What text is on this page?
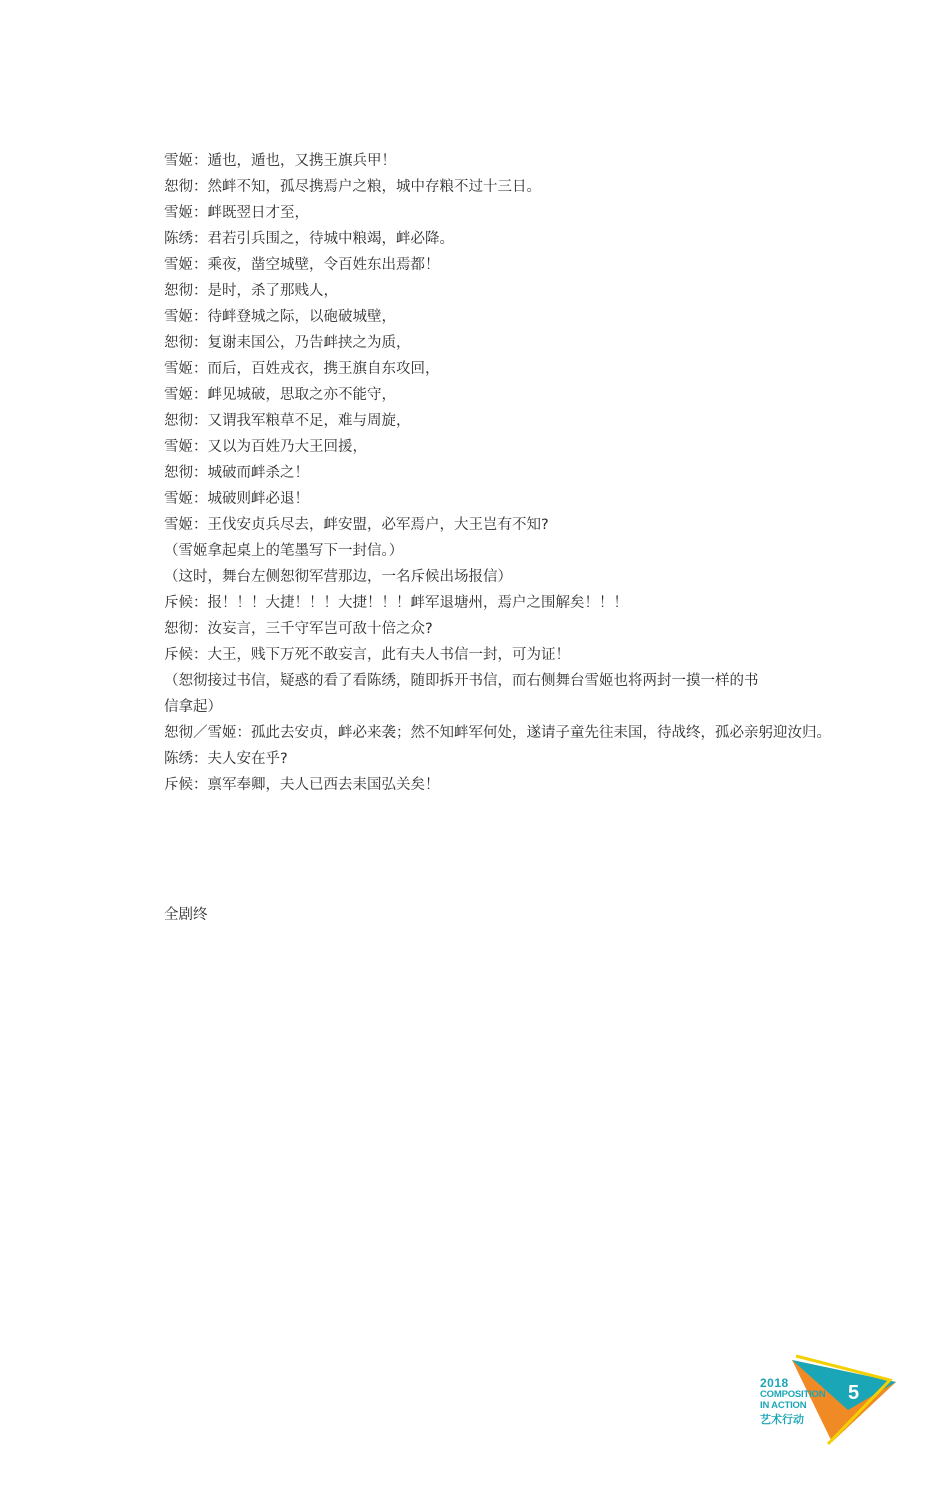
雪姬：遁也，遁也，又携王旗兵甲！
恕彻：然衅不知，孤尽携焉户之粮，城中存粮不过十三日。
雪姬：衅既翌日才至，
陈绣：君若引兵围之，待城中粮竭，衅必降。
雪姬：乘夜，凿空城壁，令百姓东出焉都！
恕彻：是时，杀了那贱人，
雪姬：待衅登城之际，以砲破城壁，
恕彻：复谢耒国公，乃告衅挟之为质，
雪姬：而后，百姓戎衣，携王旗自东攻回，
雪姬：衅见城破，思取之亦不能守，
恕彻：又谓我军粮草不足，难与周旋，
雪姬：又以为百姓乃大王回援，
恕彻：城破而衅杀之！
雪姬：城破则衅必退！
雪姬：王伐安贞兵尽去，衅安盟，必军焉户，大王岂有不知?
（雪姬拿起桌上的笔墨写下一封信。）
（这时，舞台左侧恕彻军营那边，一名斥候出场报信）
斥候：报！！！大捷！！！大捷！！！衅军退塘州，焉户之围解矣！！！
恕彻：汝妄言，三千守军岂可敌十倍之众?
斥候：大王，贱下万死不敢妄言，此有夫人书信一封，可为证！
（恕彻接过书信，疑惑的看了看陈绣，随即拆开书信，而右侧舞台雪姬也将两封一摸一样的书信拿起）
恕彻／雪姬：孤此去安贞，衅必来袭；然不知衅军何处，遂请子童先往耒国，待战终，孤必亲躬迎汝归。
陈绣：夫人安在乎?
斥候：禀军奉卿，夫人已西去耒国弘关矣！
全剧终
2018
COMPOSITION
IN ACTION
艺术行动
5
